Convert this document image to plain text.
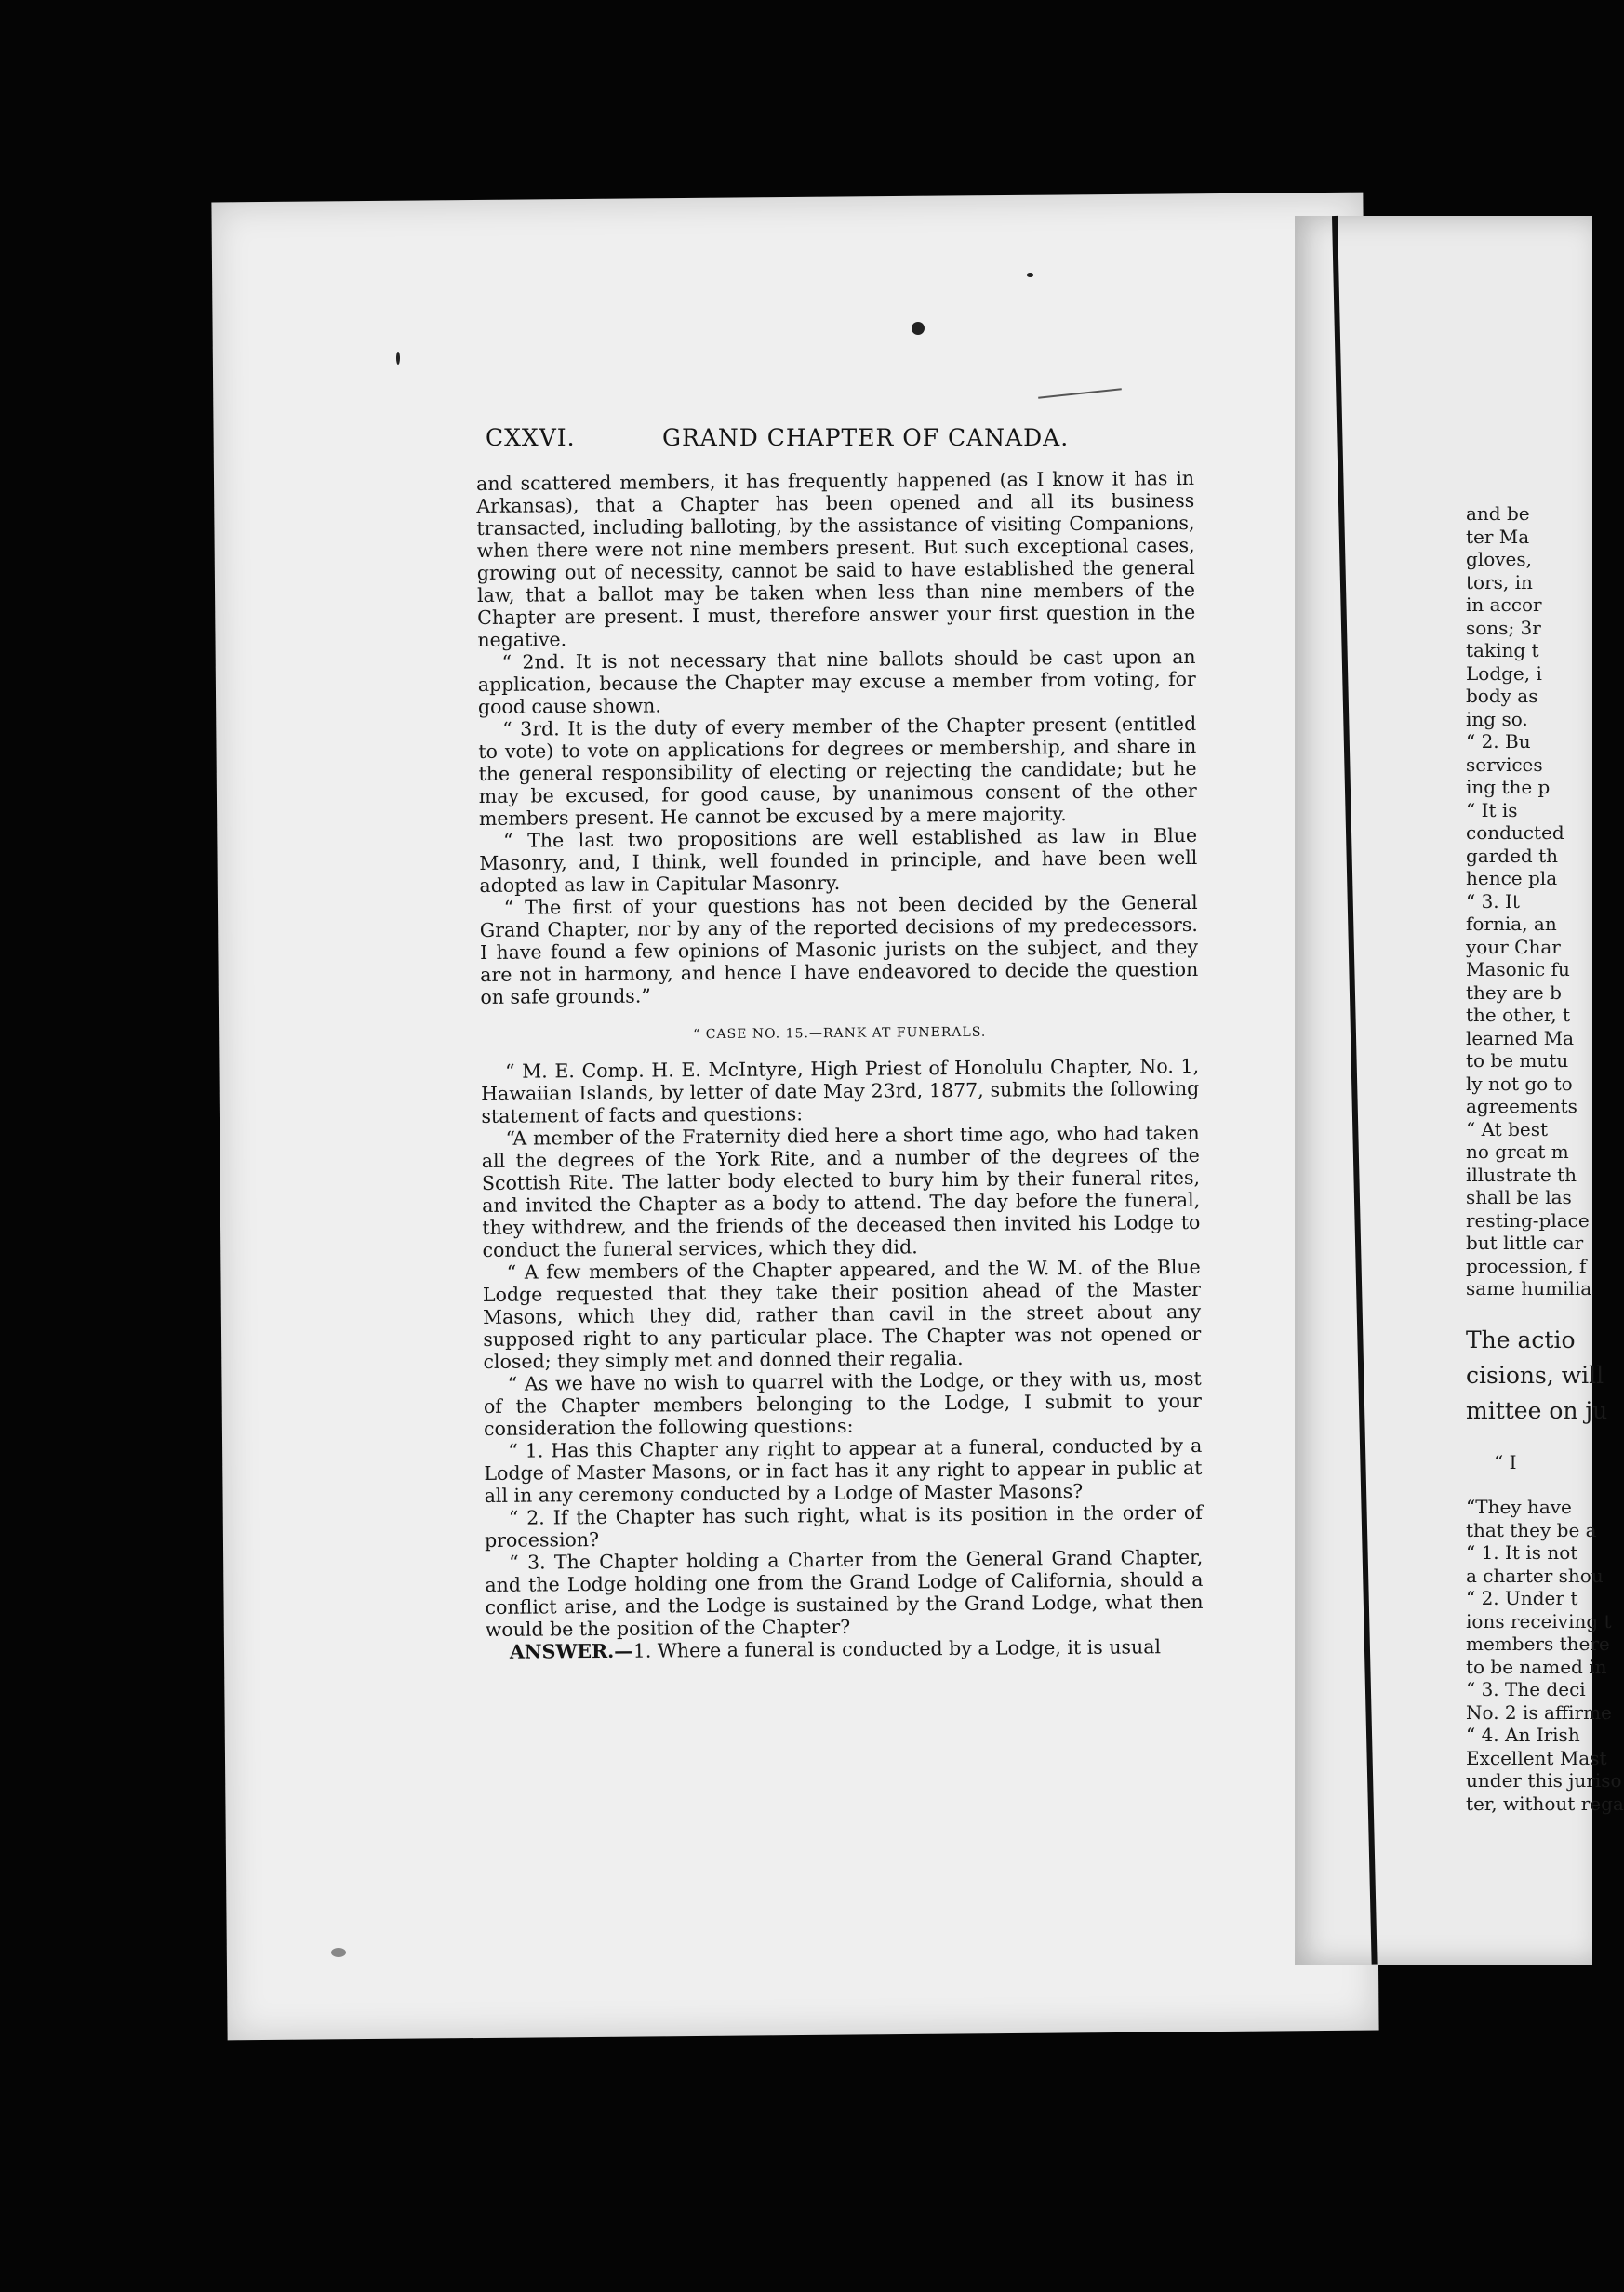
CXXVI.	GRAND CHAPTER OF CANADA.

and scattered members, it has frequently happened (as I know it has in Arkansas), that a Chapter has been opened and all its business transacted, including balloting, by the assistance of visiting Companions, when there were not nine members present. But such exceptional cases, growing out of necessity, cannot be said to have established the general law, that a ballot may be taken when less than nine members of the Chapter are present. I must, therefore answer your first question in the negative.

“ 2nd. It is not necessary that nine ballots should be cast upon an application, because the Chapter may excuse a member from voting, for good cause shown.

“ 3rd. It is the duty of every member of the Chapter present (entitled to vote) to vote on applications for degrees or membership, and share in the general responsibility of electing or rejecting the candidate; but he may be excused, for good cause, by unanimous consent of the other members present. He cannot be excused by a mere majority.

“ The last two propositions are well established as law in Blue Masonry, and, I think, well founded in principle, and have been well adopted as law in Capitular Masonry.

“ The first of your questions has not been decided by the General Grand Chapter, nor by any of the reported decisions of my predecessors. I have found a few opinions of Masonic jurists on the subject, and they are not in harmony, and hence I have endeavored to decide the question on safe grounds.”

“ CASE NO. 15.—RANK AT FUNERALS.

“ M. E. Comp. H. E. McIntyre, High Priest of Honolulu Chapter, No. 1, Hawaiian Islands, by letter of date May 23rd, 1877, submits the following statement of facts and questions:

“A member of the Fraternity died here a short time ago, who had taken all the degrees of the York Rite, and a number of the degrees of the Scottish Rite. The latter body elected to bury him by their funeral rites, and invited the Chapter as a body to attend. The day before the funeral, they withdrew, and the friends of the deceased then invited his Lodge to conduct the funeral services, which they did.

“ A few members of the Chapter appeared, and the W. M. of the Blue Lodge requested that they take their position ahead of the Master Masons, which they did, rather than cavil in the street about any supposed right to any particular place. The Chapter was not opened or closed; they simply met and donned their regalia.

“ As we have no wish to quarrel with the Lodge, or they with us, most of the Chapter members belonging to the Lodge, I submit to your consideration the following questions:

“ 1. Has this Chapter any right to appear at a funeral, conducted by a Lodge of Master Masons, or in fact has it any right to appear in public at all in any ceremony conducted by a Lodge of Master Masons?

“ 2. If the Chapter has such right, what is its position in the order of procession?

“ 3. The Chapter holding a Charter from the General Grand Chapter, and the Lodge holding one from the Grand Lodge of California, should a conflict arise, and the Lodge is sustained by the Grand Lodge, what then would be the position of the Chapter?

ANSWER.—1. Where a funeral is conducted by a Lodge, it is usual

and be
ter Ma
gloves,
tors, in
in accor
sons; 3r
taking t
Lodge, i
body as
ing so.
“ 2. Bu
services
ing the p
“ It is
conducted
garded th
hence pla
“ 3. It
fornia, an
your Char
Masonic fu
they are b
the other, t
learned Ma
to be mutu
ly not go to
agreements
“ At best
no great m
illustrate th
shall be las
resting-place
but little car
procession, f
same humilia
The actio
cisions, will
mittee on ju
“ I
“They have
that they be a
“ 1. It is not
a charter shou
“ 2. Under t
ions receiving t
members there
to be named in
“ 3. The deci
No. 2 is affirme
“ 4. An Irish
Excellent Mast
under this juriso
ter, without rega
